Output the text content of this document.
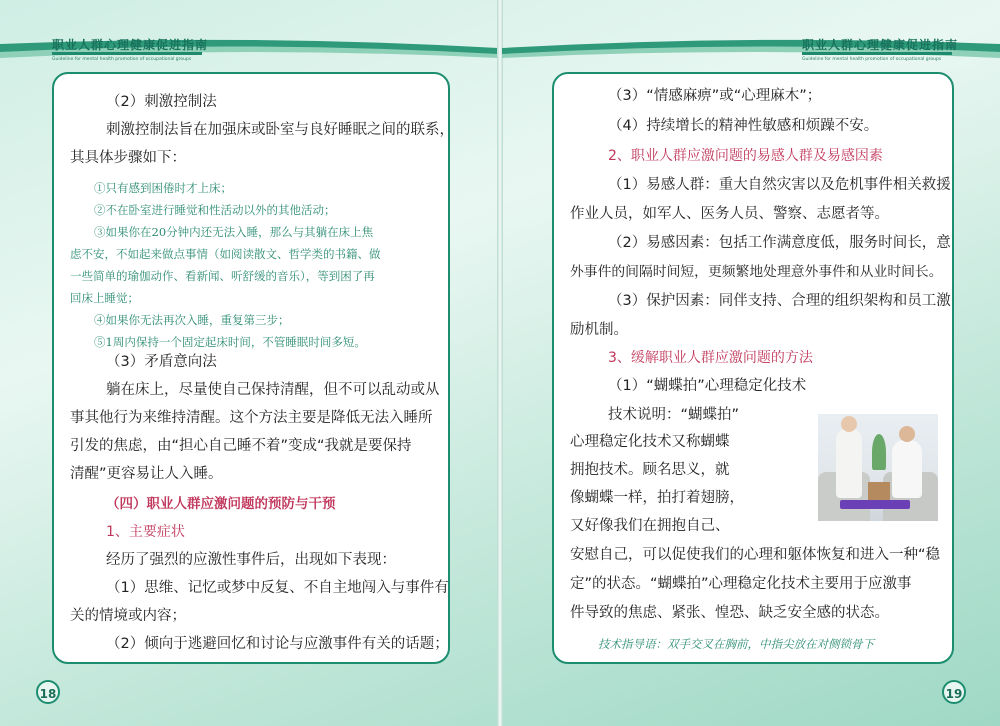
职业人群心理健康促进指南
Guideline for mental health promotion of occupational groups
（2）刺激控制法
刺激控制法旨在加强床或卧室与良好睡眠之间的联系，
其具体步骤如下：
①只有感到困倦时才上床；
②不在卧室进行睡觉和性活动以外的其他活动；
③如果你在20分钟内还无法入睡，那么与其躺在床上焦
虑不安，不如起来做点事情（如阅读散文、哲学类的书籍、做
一些简单的瑜伽动作、看新闻、听舒缓的音乐），等到困了再
回床上睡觉；
④如果你无法再次入睡，重复第三步；
⑤1周内保持一个固定起床时间，不管睡眠时间多短。
（3）矛盾意向法
躺在床上，尽量使自己保持清醒，但不可以乱动或从
事其他行为来维持清醒。这个方法主要是降低无法入睡所
引发的焦虑，由“担心自己睡不着”变成“我就是要保持
清醒”更容易让人入睡。
（四）职业人群应激问题的预防与干预
1、主要症状
经历了强烈的应激性事件后，出现如下表现：
（1）思维、记忆或梦中反复、不自主地闯入与事件有
关的情境或内容；
（2）倾向于逃避回忆和讨论与应激事件有关的话题；
18
职业人群心理健康促进指南
Guideline for mental health promotion of occupational groups
（3）“情感麻痹”或“心理麻木”；
（4）持续增长的精神性敏感和烦躁不安。
2、职业人群应激问题的易感人群及易感因素
（1）易感人群：重大自然灾害以及危机事件相关救援
作业人员，如军人、医务人员、警察、志愿者等。
（2）易感因素：包括工作满意度低，服务时间长，意
外事件的间隔时间短，更频繁地处理意外事件和从业时间长。
（3）保护因素：同伴支持、合理的组织架构和员工激
励机制。
3、缓解职业人群应激问题的方法
（1）“蝴蝶拍”心理稳定化技术
技术说明：“蝴蝶拍”
心理稳定化技术又称蝴蝶
拥抱技术。顾名思义，就
像蝴蝶一样，拍打着翅膀，
又好像我们在拥抱自己、
安慰自己，可以促使我们的心理和躯体恢复和进入一种“稳
定”的状态。“蝴蝶拍”心理稳定化技术主要用于应激事
件导致的焦虑、紧张、惶恐、缺乏安全感的状态。
技术指导语：双手交叉在胸前，中指尖放在对侧锁骨下
19
